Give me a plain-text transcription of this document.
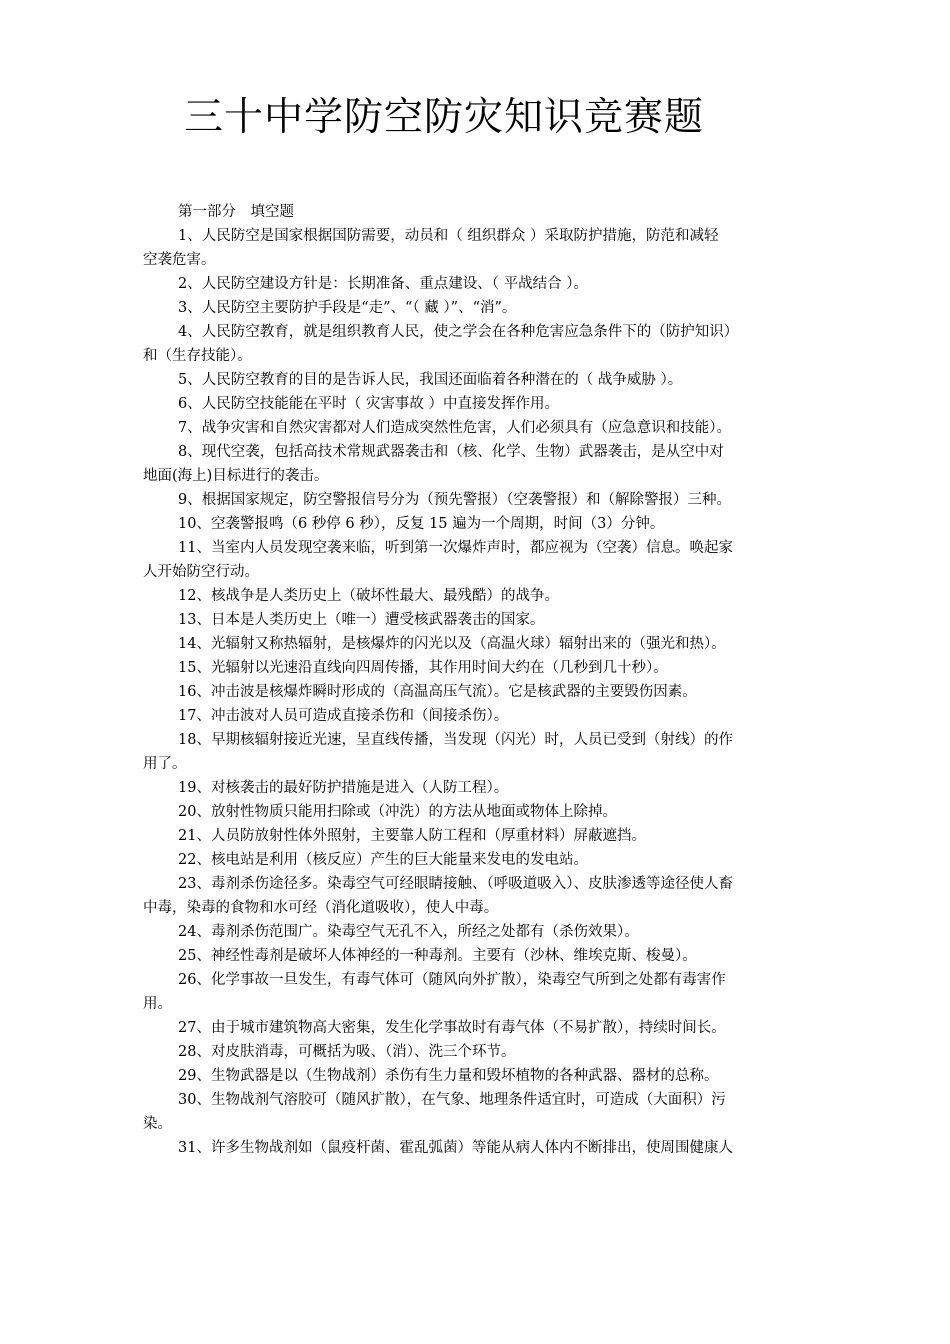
三十中学防空防灾知识竞赛题
第一部分　填空题

1、人民防空是国家根据国防需要，动员和（ 组织群众 ）采取防护措施，防范和减轻

空袭危害。

2、人民防空建设方针是：长期准备、重点建设、（ 平战结合 ）。

3、人民防空主要防护手段是“走”、“（ 藏 ）”、“消”。

4、人民防空教育，就是组织教育人民，使之学会在各种危害应急条件下的（防护知识）

和（生存技能）。

5、人民防空教育的目的是告诉人民，我国还面临着各种潜在的（ 战争威胁 ）。

6、人民防空技能能在平时（ 灾害事故 ）中直接发挥作用。

7、战争灾害和自然灾害都对人们造成突然性危害，人们必须具有（应急意识和技能）。

8、现代空袭，包括高技术常规武器袭击和（核、化学、生物）武器袭击，是从空中对

地面(海上)目标进行的袭击。

9、根据国家规定，防空警报信号分为（预先警报）（空袭警报）和（解除警报）三种。

10、空袭警报鸣（6 秒停 6 秒），反复 15 遍为一个周期，时间（3）分钟。

11、当室内人员发现空袭来临，听到第一次爆炸声时，都应视为（空袭）信息。唤起家

人开始防空行动。

12、核战争是人类历史上（破坏性最大、最残酷）的战争。

13、日本是人类历史上（唯一）遭受核武器袭击的国家。

14、光辐射又称热辐射，是核爆炸的闪光以及（高温火球）辐射出来的（强光和热）。

15、光辐射以光速沿直线向四周传播，其作用时间大约在（几秒到几十秒）。

16、冲击波是核爆炸瞬时形成的（高温高压气流）。它是核武器的主要毁伤因素。

17、冲击波对人员可造成直接杀伤和（间接杀伤）。

18、早期核辐射接近光速，呈直线传播，当发现（闪光）时，人员已受到（射线）的作

用了。

19、对核袭击的最好防护措施是进入（人防工程）。

20、放射性物质只能用扫除或（冲洗）的方法从地面或物体上除掉。

21、人员防放射性体外照射，主要靠人防工程和（厚重材料）屏蔽遮挡。

22、核电站是利用（核反应）产生的巨大能量来发电的发电站。

23、毒剂杀伤途径多。染毒空气可经眼睛接触、（呼吸道吸入）、皮肤渗透等途径使人畜

中毒，染毒的食物和水可经（消化道吸收），使人中毒。

24、毒剂杀伤范围广。染毒空气无孔不入，所经之处都有（杀伤效果）。

25、神经性毒剂是破坏人体神经的一种毒剂。主要有（沙林、维埃克斯、梭曼）。

26、化学事故一旦发生，有毒气体可（随风向外扩散），染毒空气所到之处都有毒害作

用。

27、由于城市建筑物高大密集，发生化学事故时有毒气体（不易扩散），持续时间长。

28、对皮肤消毒，可概括为吸、（消）、洗三个环节。

29、生物武器是以（生物战剂）杀伤有生力量和毁坏植物的各种武器、器材的总称。

30、生物战剂气溶胶可（随风扩散），在气象、地理条件适宜时，可造成（大面积）污

染。

31、许多生物战剂如（鼠疫杆菌、霍乱弧菌）等能从病人体内不断排出，使周围健康人
